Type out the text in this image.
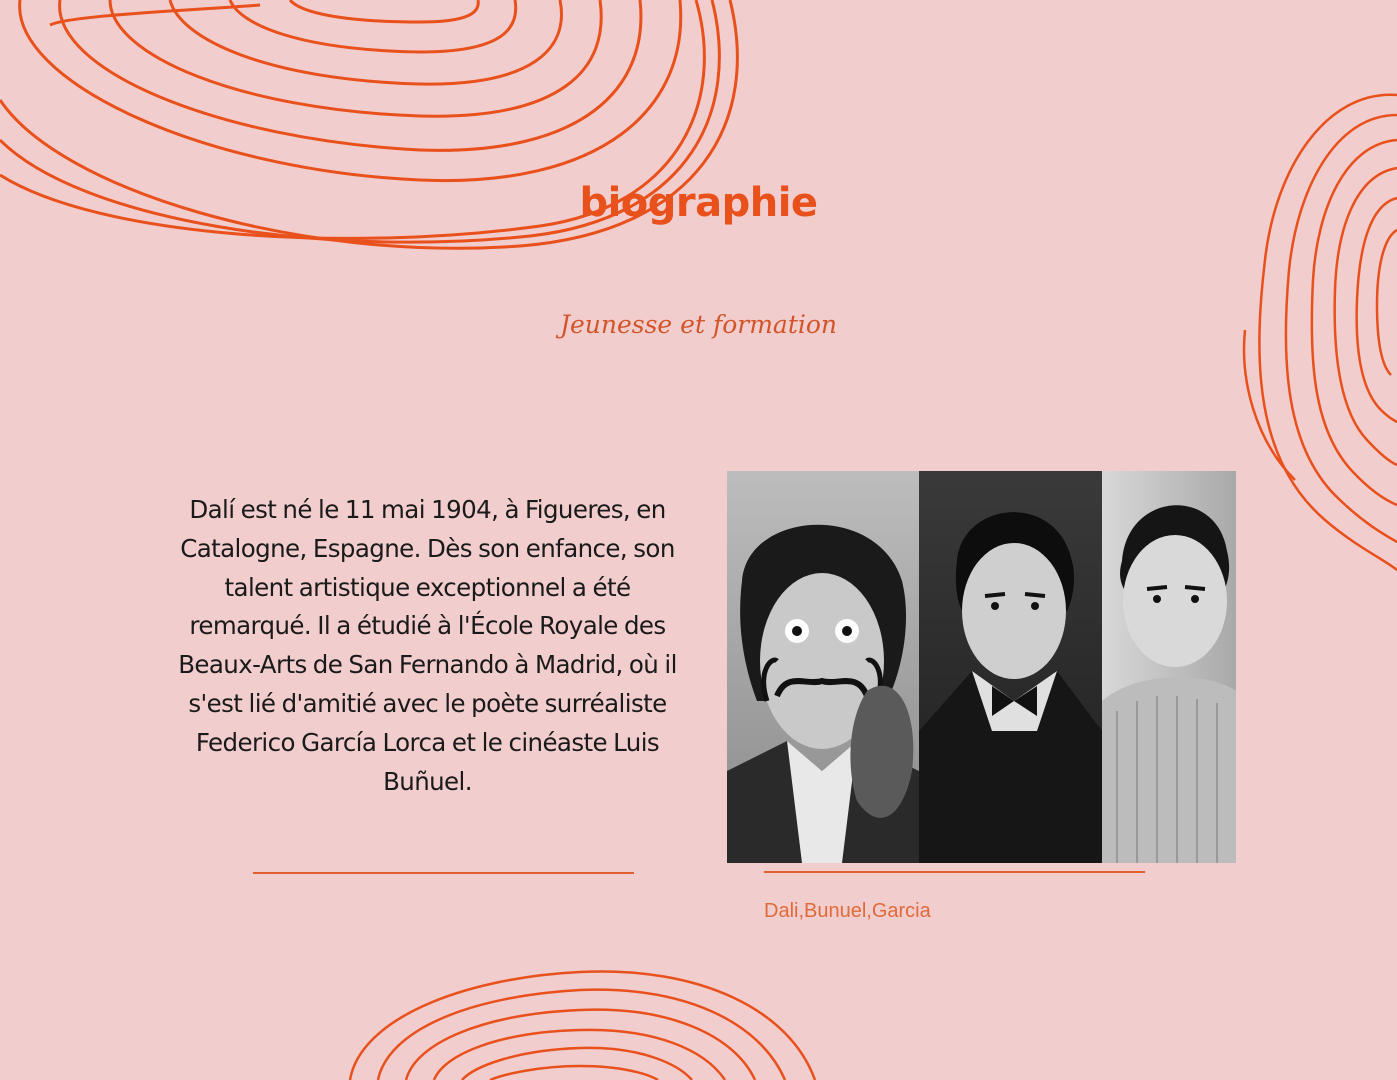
biographie
Jeunesse et formation
Dalí est né le 11 mai 1904, à Figueres, en Catalogne, Espagne. Dès son enfance, son talent artistique exceptionnel a été remarqué. Il a étudié à l'École Royale des Beaux-Arts de San Fernando à Madrid, où il s'est lié d'amitié avec le poète surréaliste Federico García Lorca et le cinéaste Luis Buñuel.
Dali,Bunuel,Garcia
